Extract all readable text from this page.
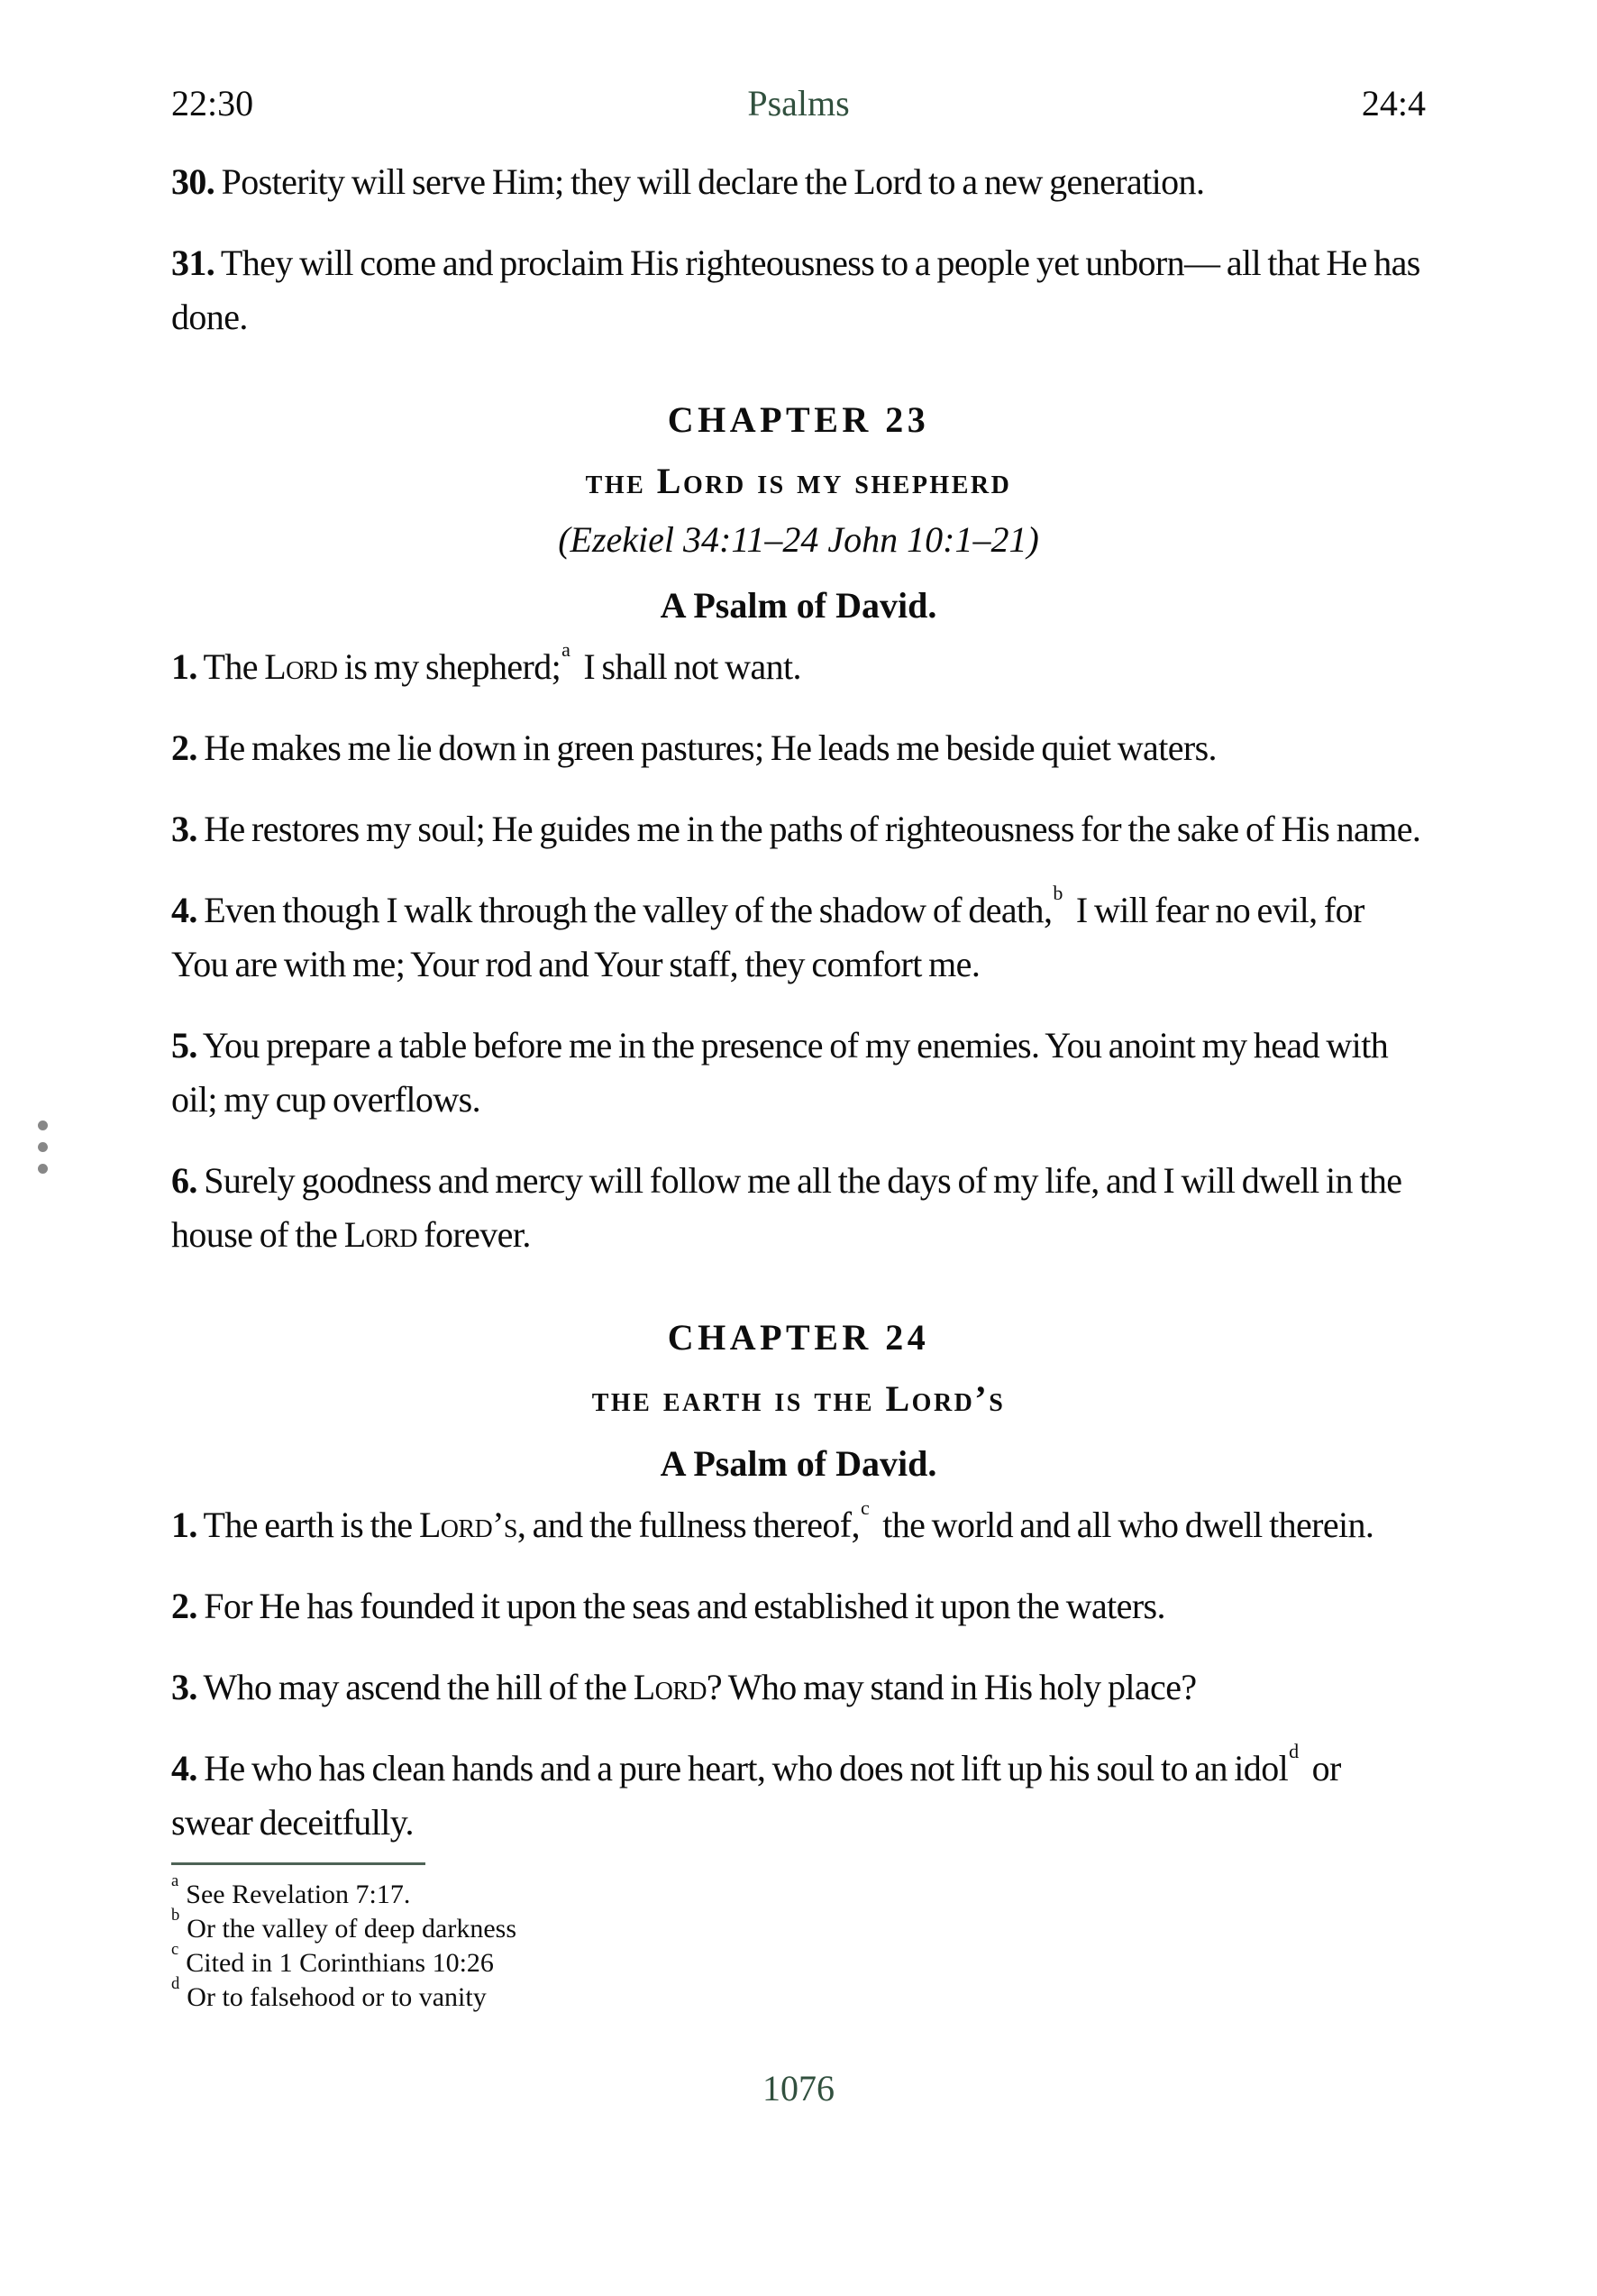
22:30	Psalms	24:4

30. Posterity will serve Him; they will declare the Lord to a new generation.

31. They will come and proclaim His righteousness to a people yet unborn— all that He has done.

CHAPTER 23
the Lord is my shepherd

(Ezekiel 34:11–24 John 10:1–21)

A Psalm of David.

1. The Lord is my shepherd;$^a$ I shall not want.

2. He makes me lie down in green pastures; He leads me beside quiet waters.

3. He restores my soul; He guides me in the paths of righteousness for the sake of His name.

4. Even though I walk through the valley of the shadow of death,$^b$ I will fear no evil, for You are with me; Your rod and Your staff, they comfort me.

5. You prepare a table before me in the presence of my enemies. You anoint my head with oil; my cup overflows.

6. Surely goodness and mercy will follow me all the days of my life, and I will dwell in the house of the Lord forever.

CHAPTER 24
the earth is the Lord’s

A Psalm of David.

1. The earth is the Lord’s, and the fullness thereof,$^c$ the world and all who dwell therein.

2. For He has founded it upon the seas and established it upon the waters.

3. Who may ascend the hill of the Lord? Who may stand in His holy place?

4. He who has clean hands and a pure heart, who does not lift up his soul to an idol$^d$ or swear deceitfully.

$^a$ See Revelation 7:17.

$^b$ Or the valley of deep darkness

$^c$ Cited in 1 Corinthians 10:26

$^d$ Or to falsehood or to vanity

1076
